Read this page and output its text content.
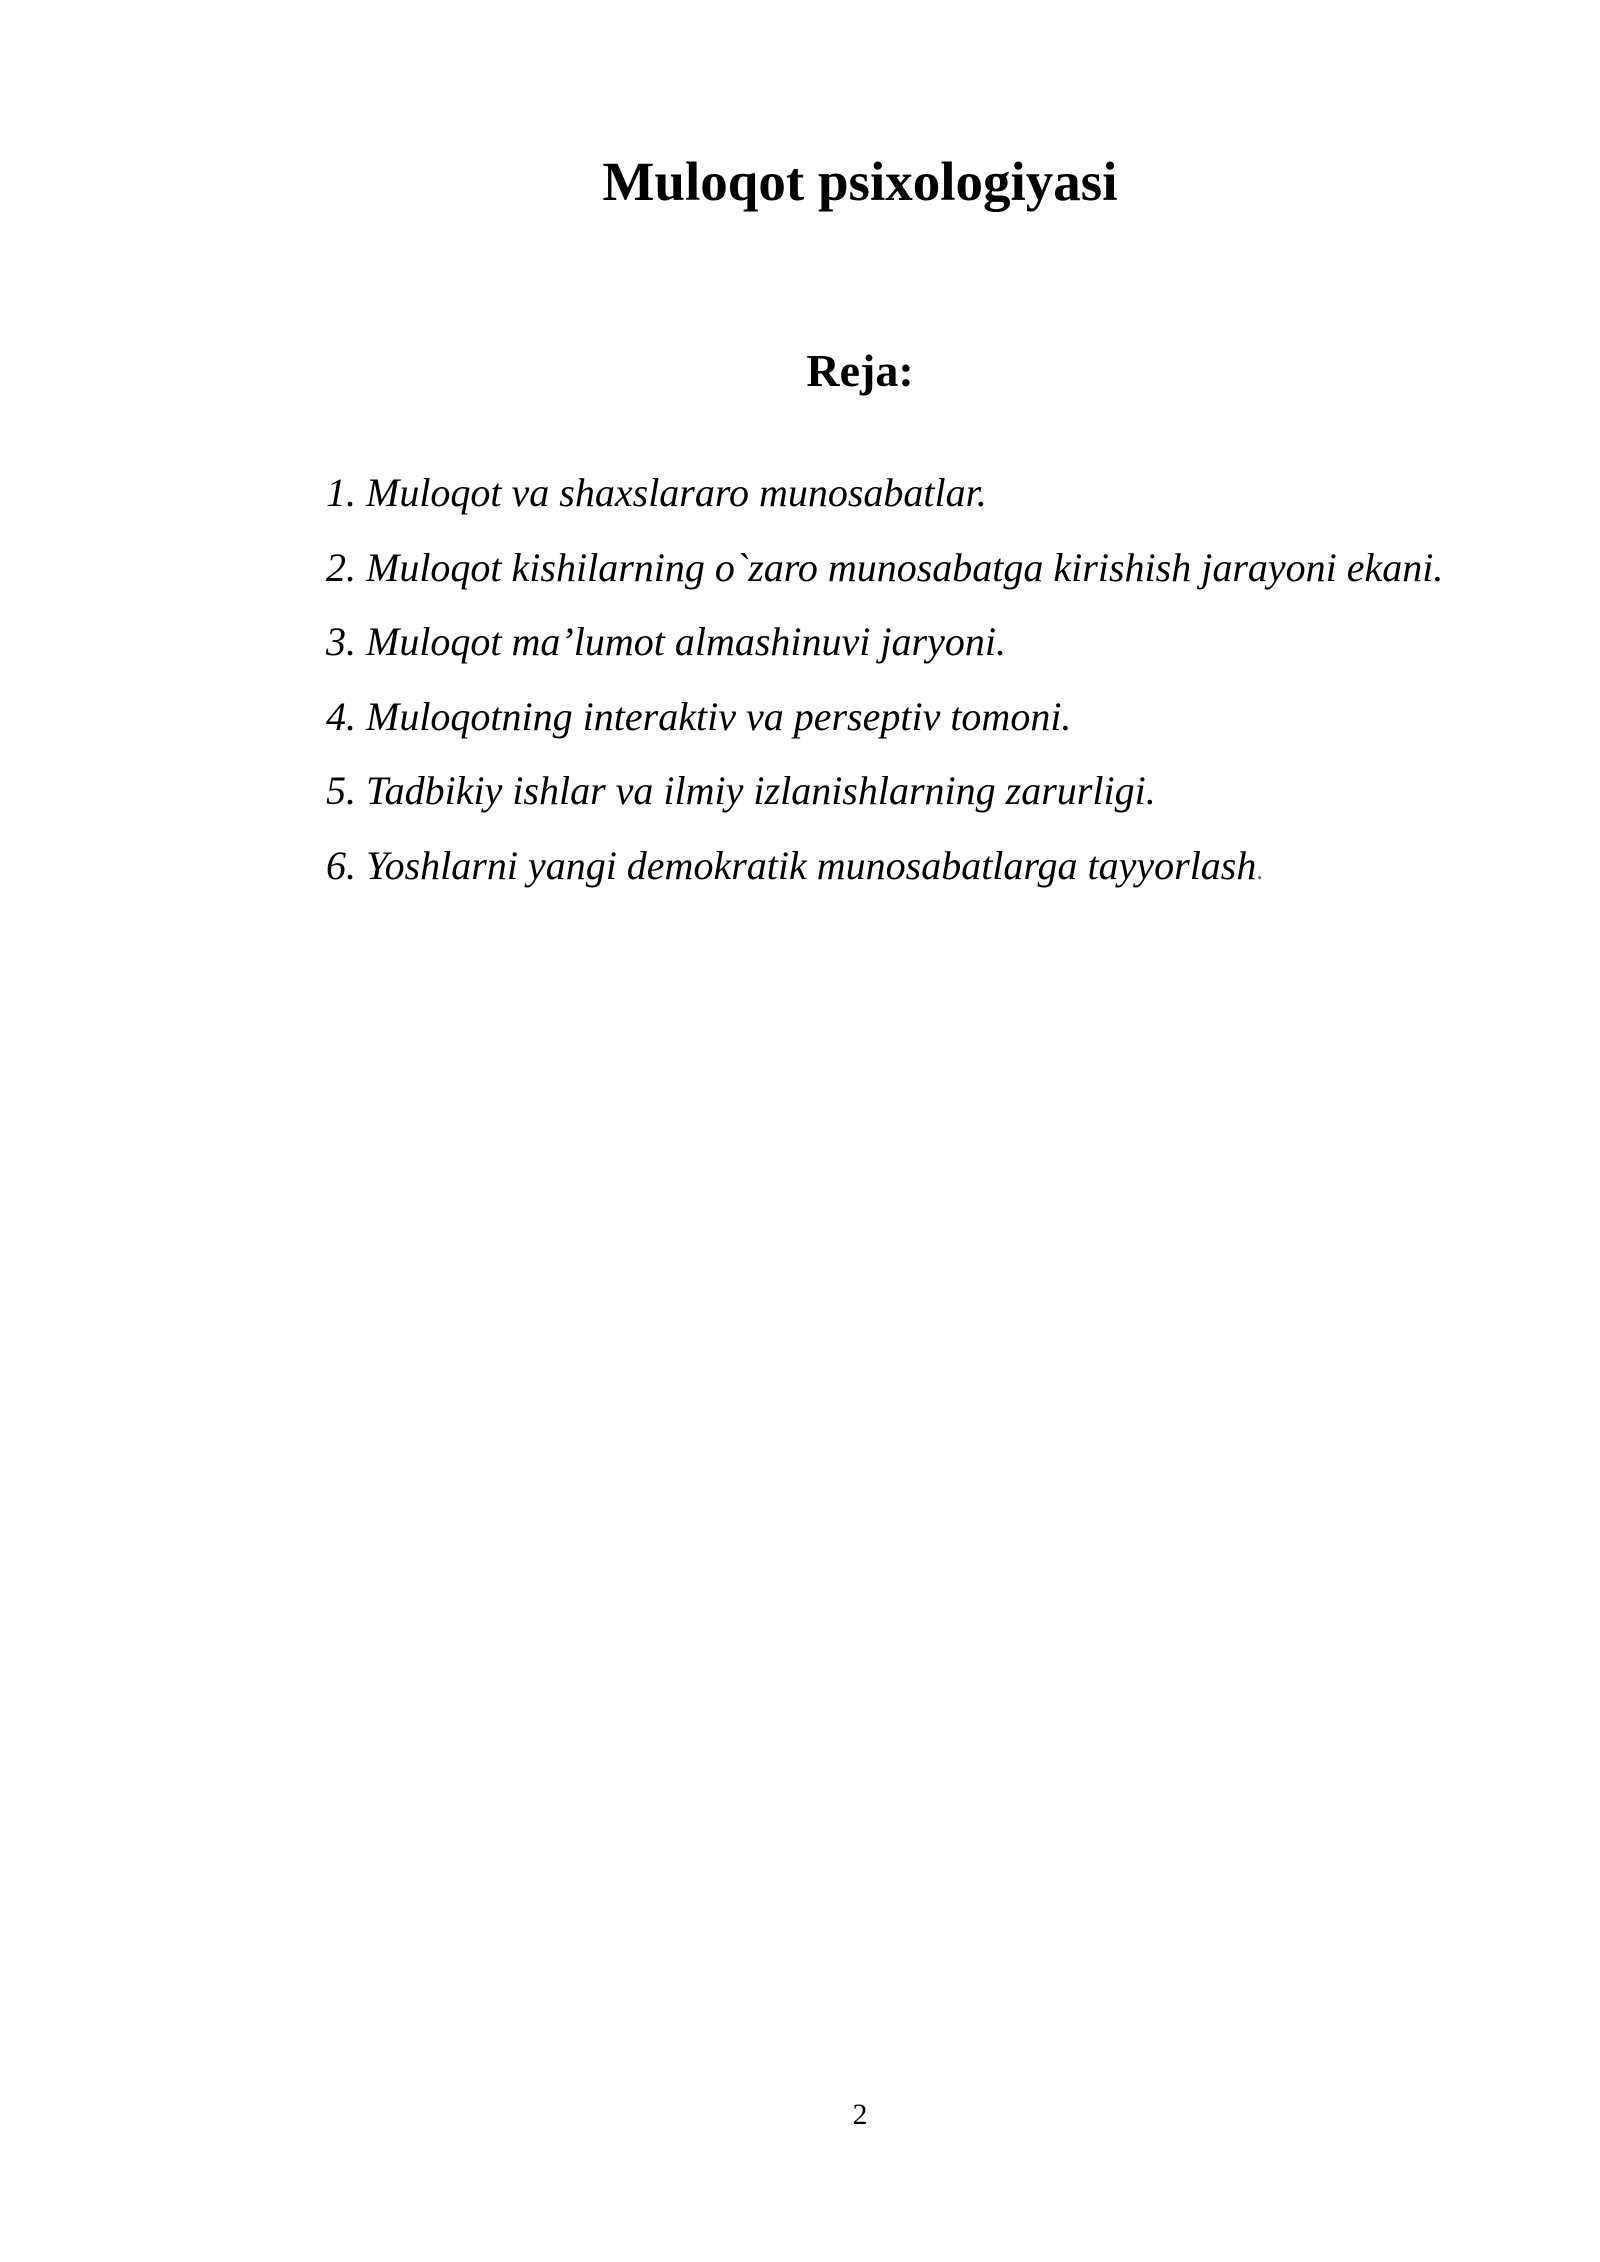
Muloqot psixologiyasi
Reja:
1. Muloqot va shaxslararo munosabatlar.
2. Muloqot kishilarning o`zaro munosabatga kirishish jarayoni ekani.
3. Muloqot ma’lumot almashinuvi jaryoni.
4. Muloqotning interaktiv va perseptiv tomoni.
5. Tadbikiy ishlar va ilmiy izlanishlarning zarurligi.
6. Yoshlarni yangi demokratik munosabatlarga tayyorlash.
2
